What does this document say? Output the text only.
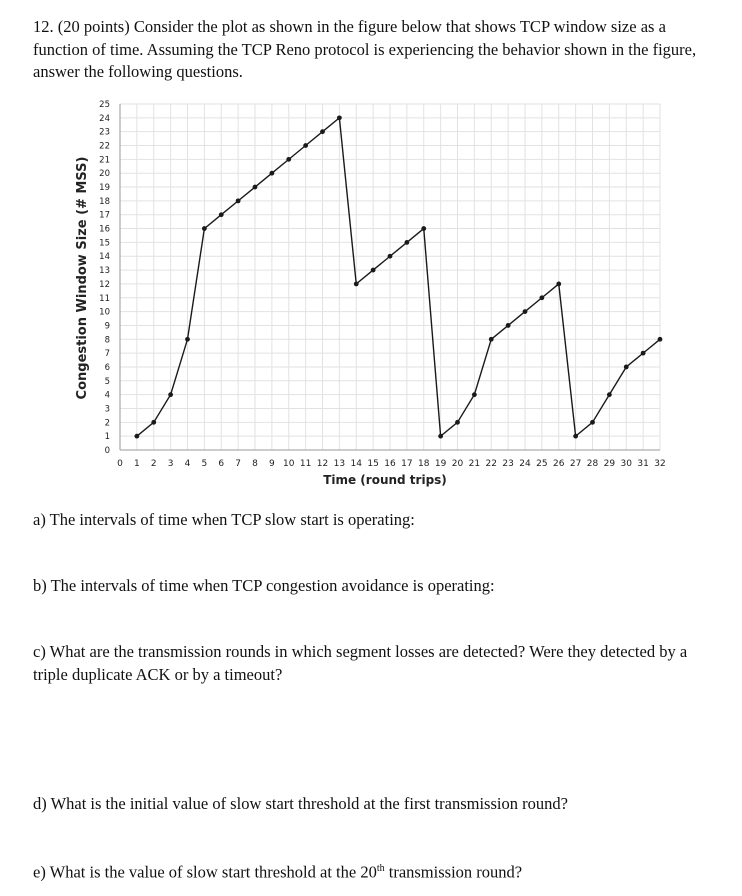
12. (20 points) Consider the plot as shown in the figure below that shows TCP window size as a function of time. Assuming the TCP Reno protocol is experiencing the behavior shown in the figure, answer the following questions.

0 1 2 3 4 5 6 7 8 9 10 11 12 13 14 15 16 17 18 19 20 21 22 23 24 25 26 27 28 29 30 31 32
0
1
2
3
4
5
6
7
8
9
10
11
12
13
14
15
16
17
18
19
20
21
22
23
24
25
Time (round trips)
Congestion Window Size (# MSS)

a) The intervals of time when TCP slow start is operating:

b) The intervals of time when TCP congestion avoidance is operating:

c) What are the transmission rounds in which segment losses are detected? Were they detected by a triple duplicate ACK or by a timeout?

d) What is the initial value of slow start threshold at the first transmission round?

e) What is the value of slow start threshold at the 20th transmission round?
